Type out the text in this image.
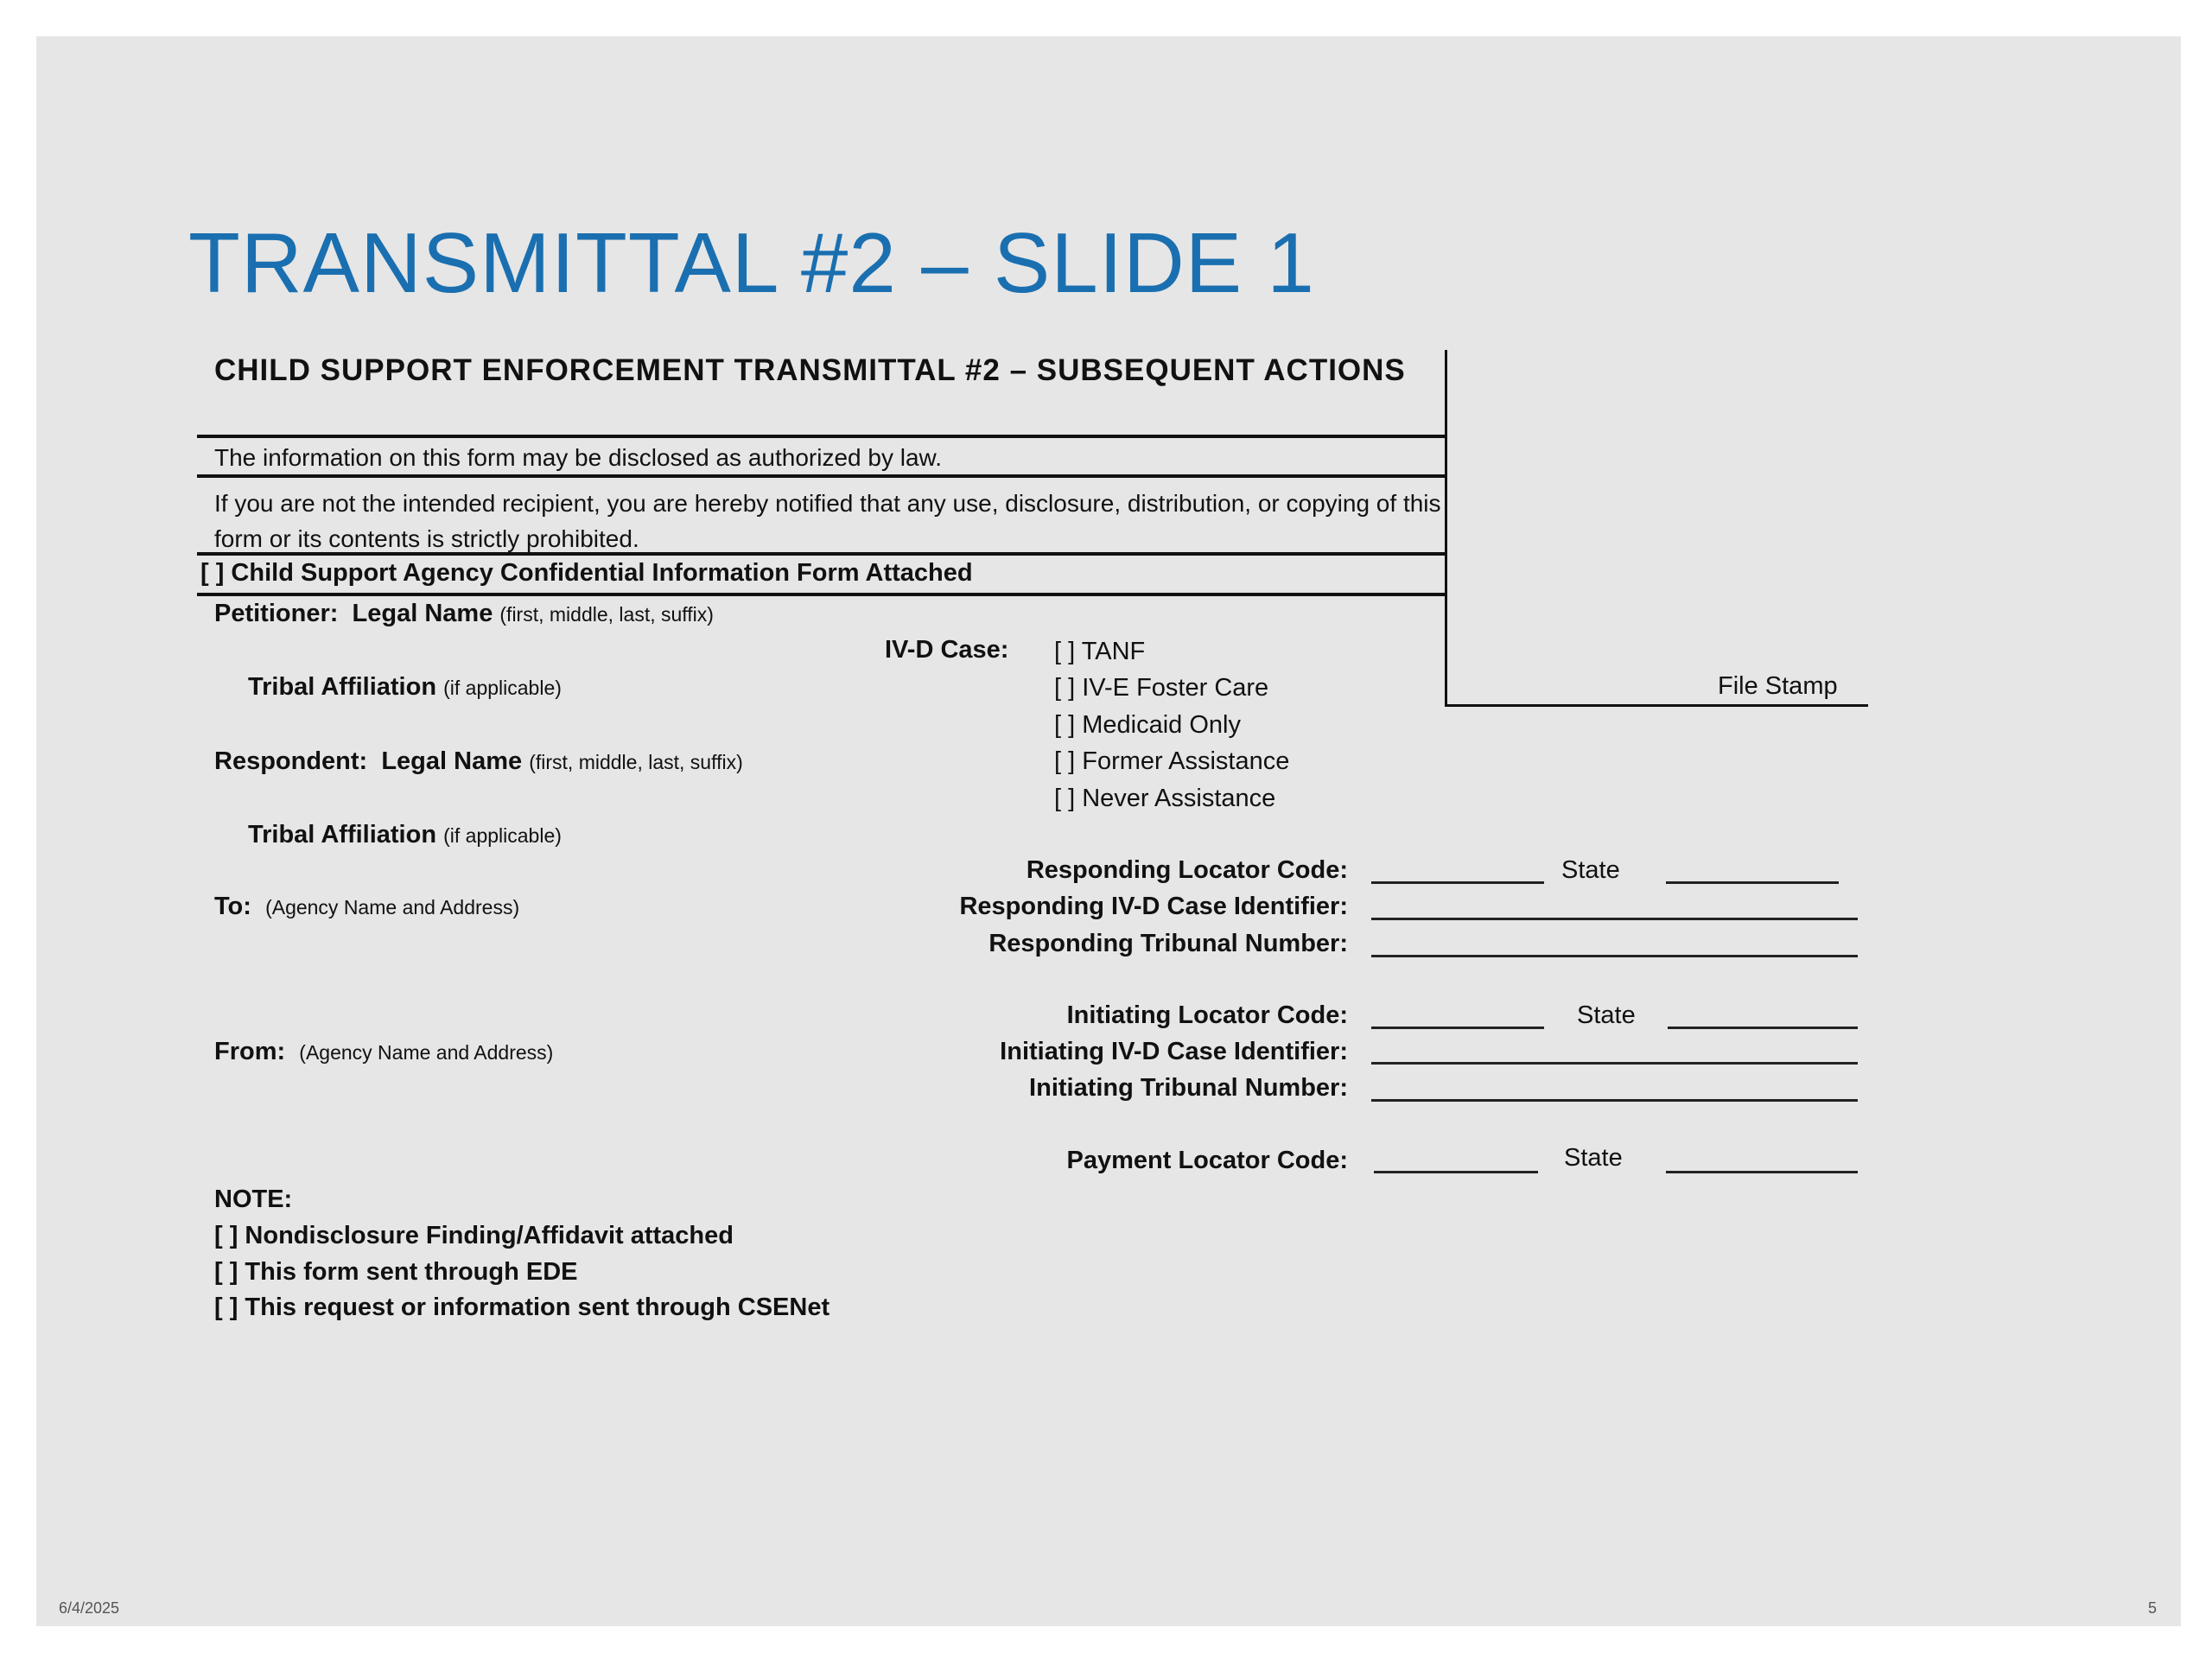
TRANSMITTAL #2 – SLIDE 1
CHILD SUPPORT ENFORCEMENT TRANSMITTAL #2 – SUBSEQUENT ACTIONS
The information on this form may be disclosed as authorized by law.
If you are not the intended recipient, you are hereby notified that any use, disclosure, distribution, or copying of this form or its contents is strictly prohibited.
[ ] Child Support Agency Confidential Information Form Attached
File Stamp
Petitioner: Legal Name (first, middle, last, suffix)
Tribal Affiliation (if applicable)
Respondent: Legal Name (first, middle, last, suffix)
Tribal Affiliation (if applicable)
IV-D Case: [ ] TANF
[ ] IV-E Foster Care
[ ] Medicaid Only
[ ] Former Assistance
[ ] Never Assistance
To: (Agency Name and Address)
From: (Agency Name and Address)
Responding Locator Code:	State
Responding IV-D Case Identifier:
Responding Tribunal Number:
Initiating Locator Code:	State
Initiating IV-D Case Identifier:
Initiating Tribunal Number:
Payment Locator Code:	State
NOTE:
[ ] Nondisclosure Finding/Affidavit attached
[ ] This form sent through EDE
[ ] This request or information sent through CSENet
6/4/2025	5
